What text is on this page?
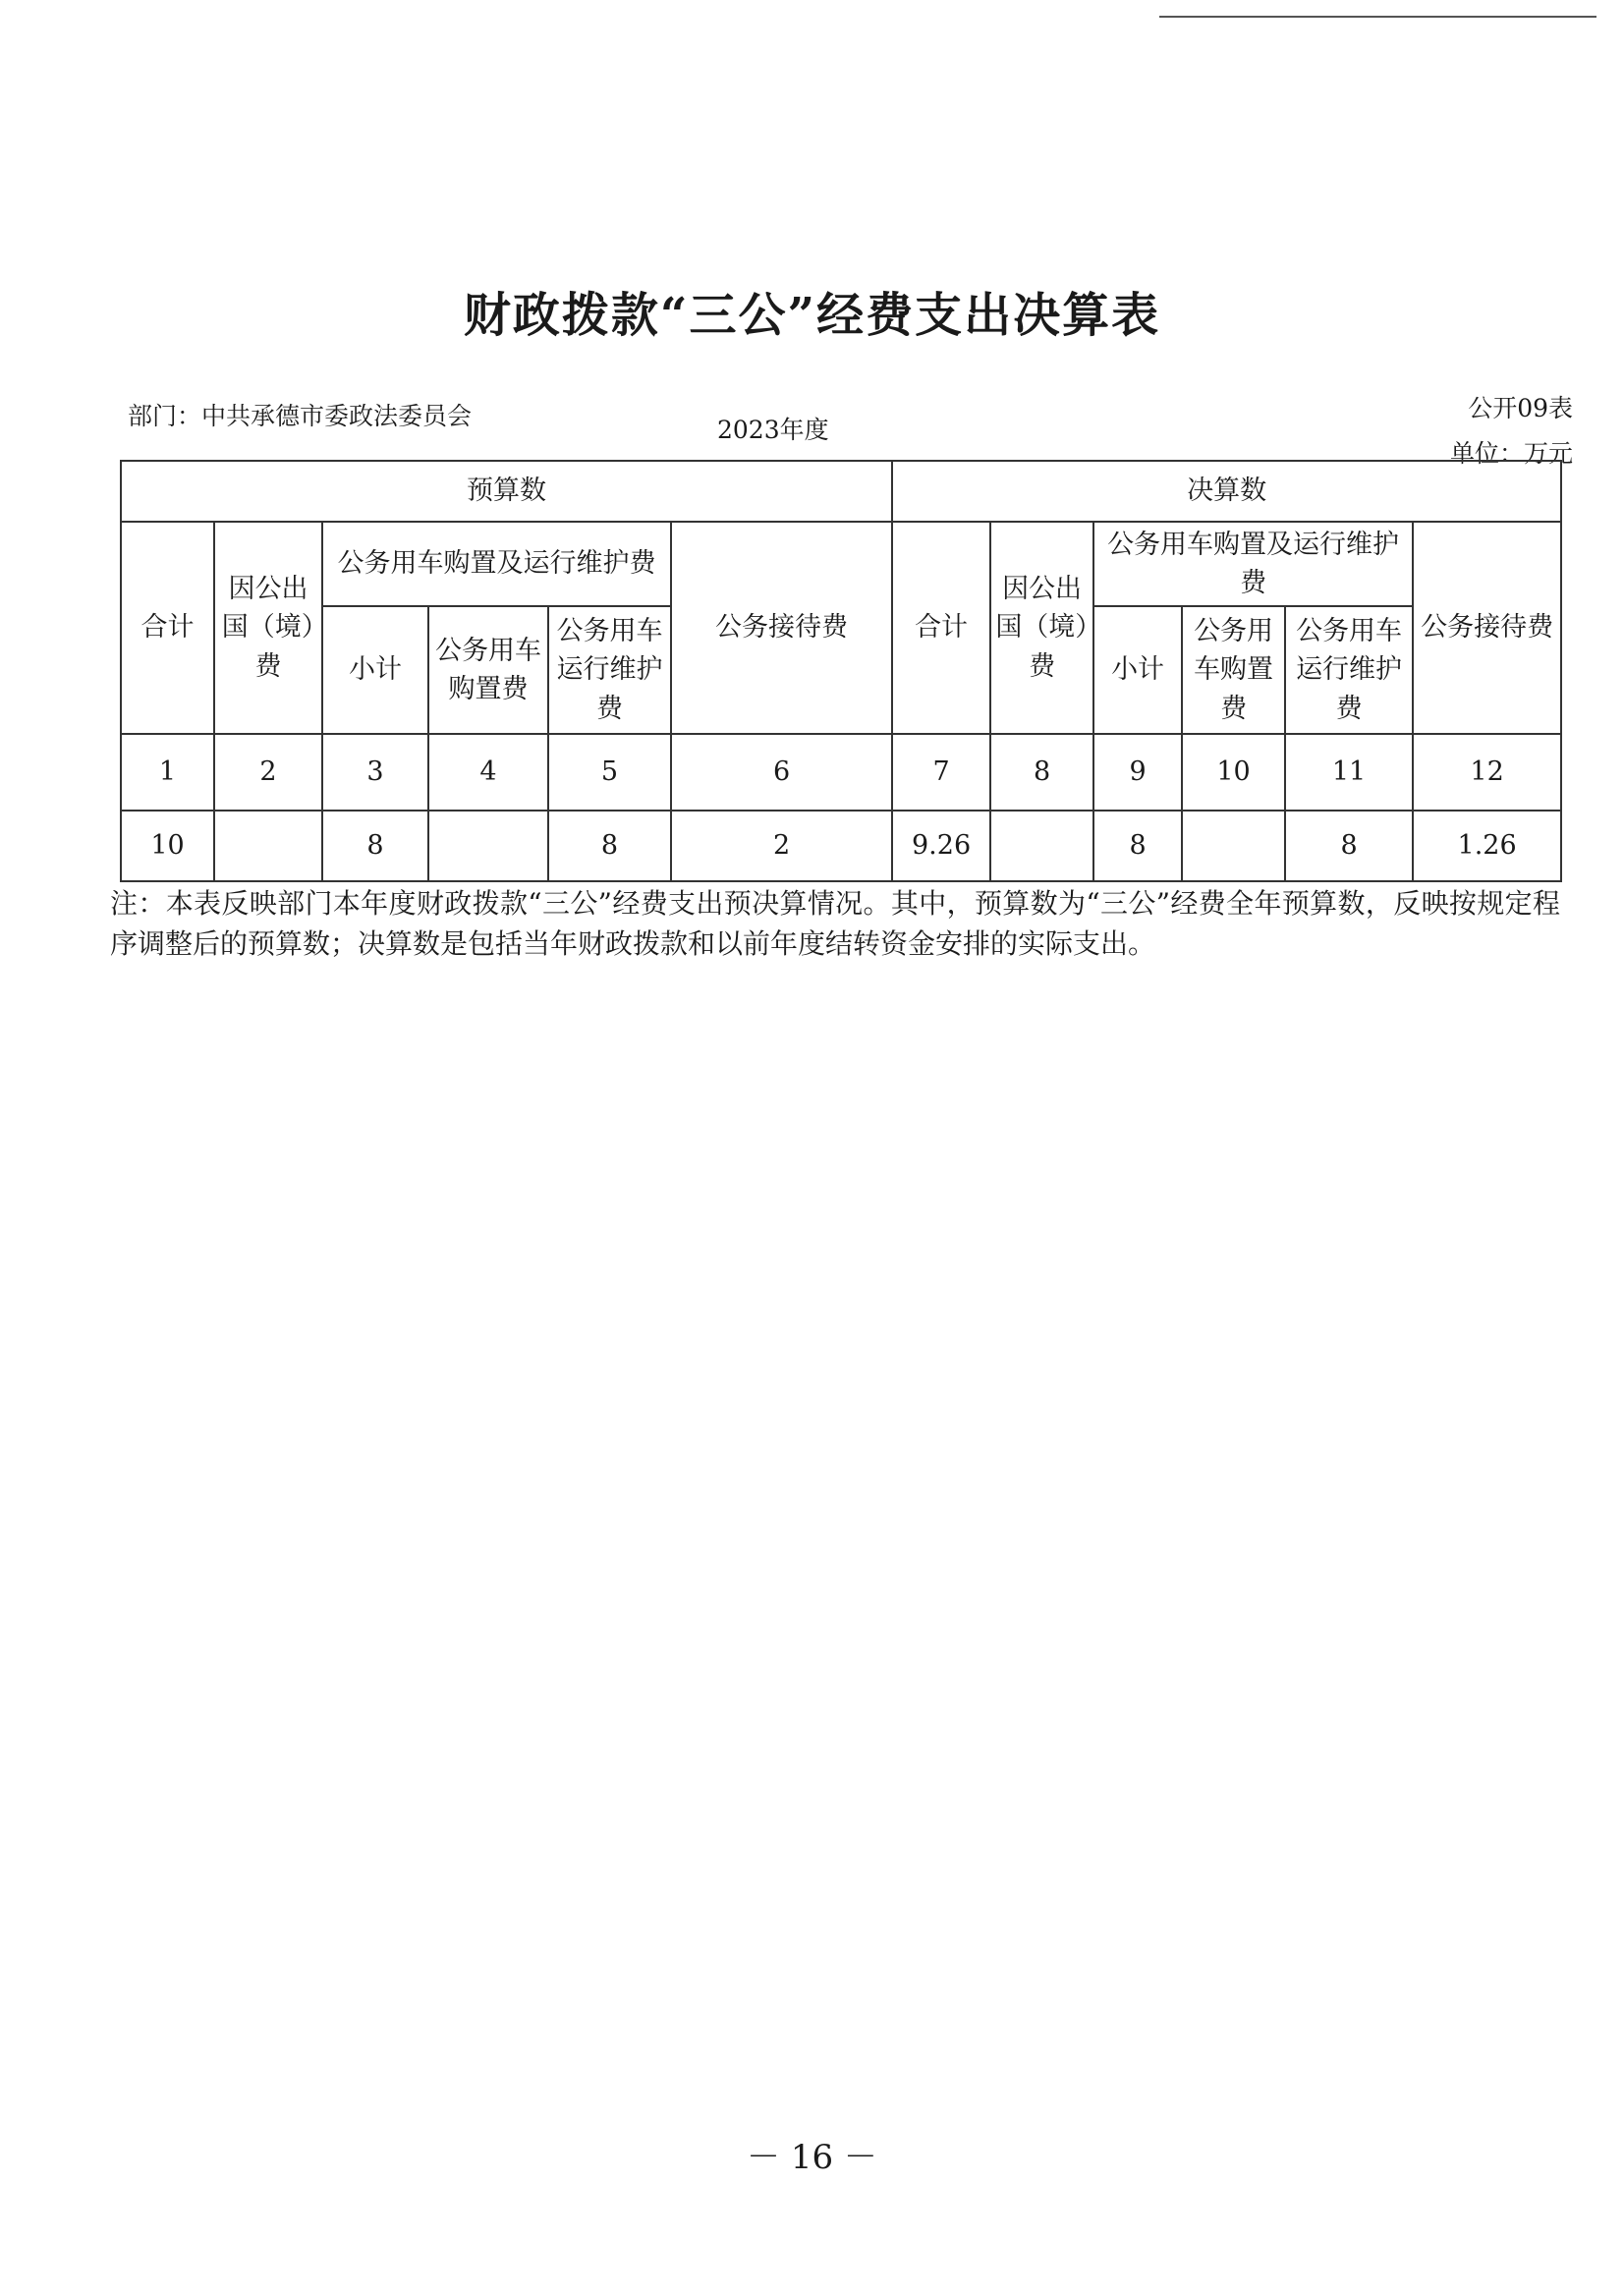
财政拨款“三公”经费支出决算表
部门：中共承德市委政法委员会	2023年度
公开09表
单位：万元
预算数						决算数					
合计	因公出国（境）费	公务用车购置及运行维护费			公务接待费	合计	因公出国（境）费	公务用车购置及运行维护费			公务接待费
		小计	公务用车购置费	公务用车运行维护费				小计	公务用车购置费	公务用车运行维护费	
1	2	3	4	5	6	7	8	9	10	11	12
10		8		8	2	9.26		8		8	1.26
注：本表反映部门本年度财政拨款“三公”经费支出预决算情况。其中，预算数为“三公”经费全年预算数，反映按规定程序调整后的预算数；决算数是包括当年财政拨款和以前年度结转资金安排的实际支出。
－ 16 －
